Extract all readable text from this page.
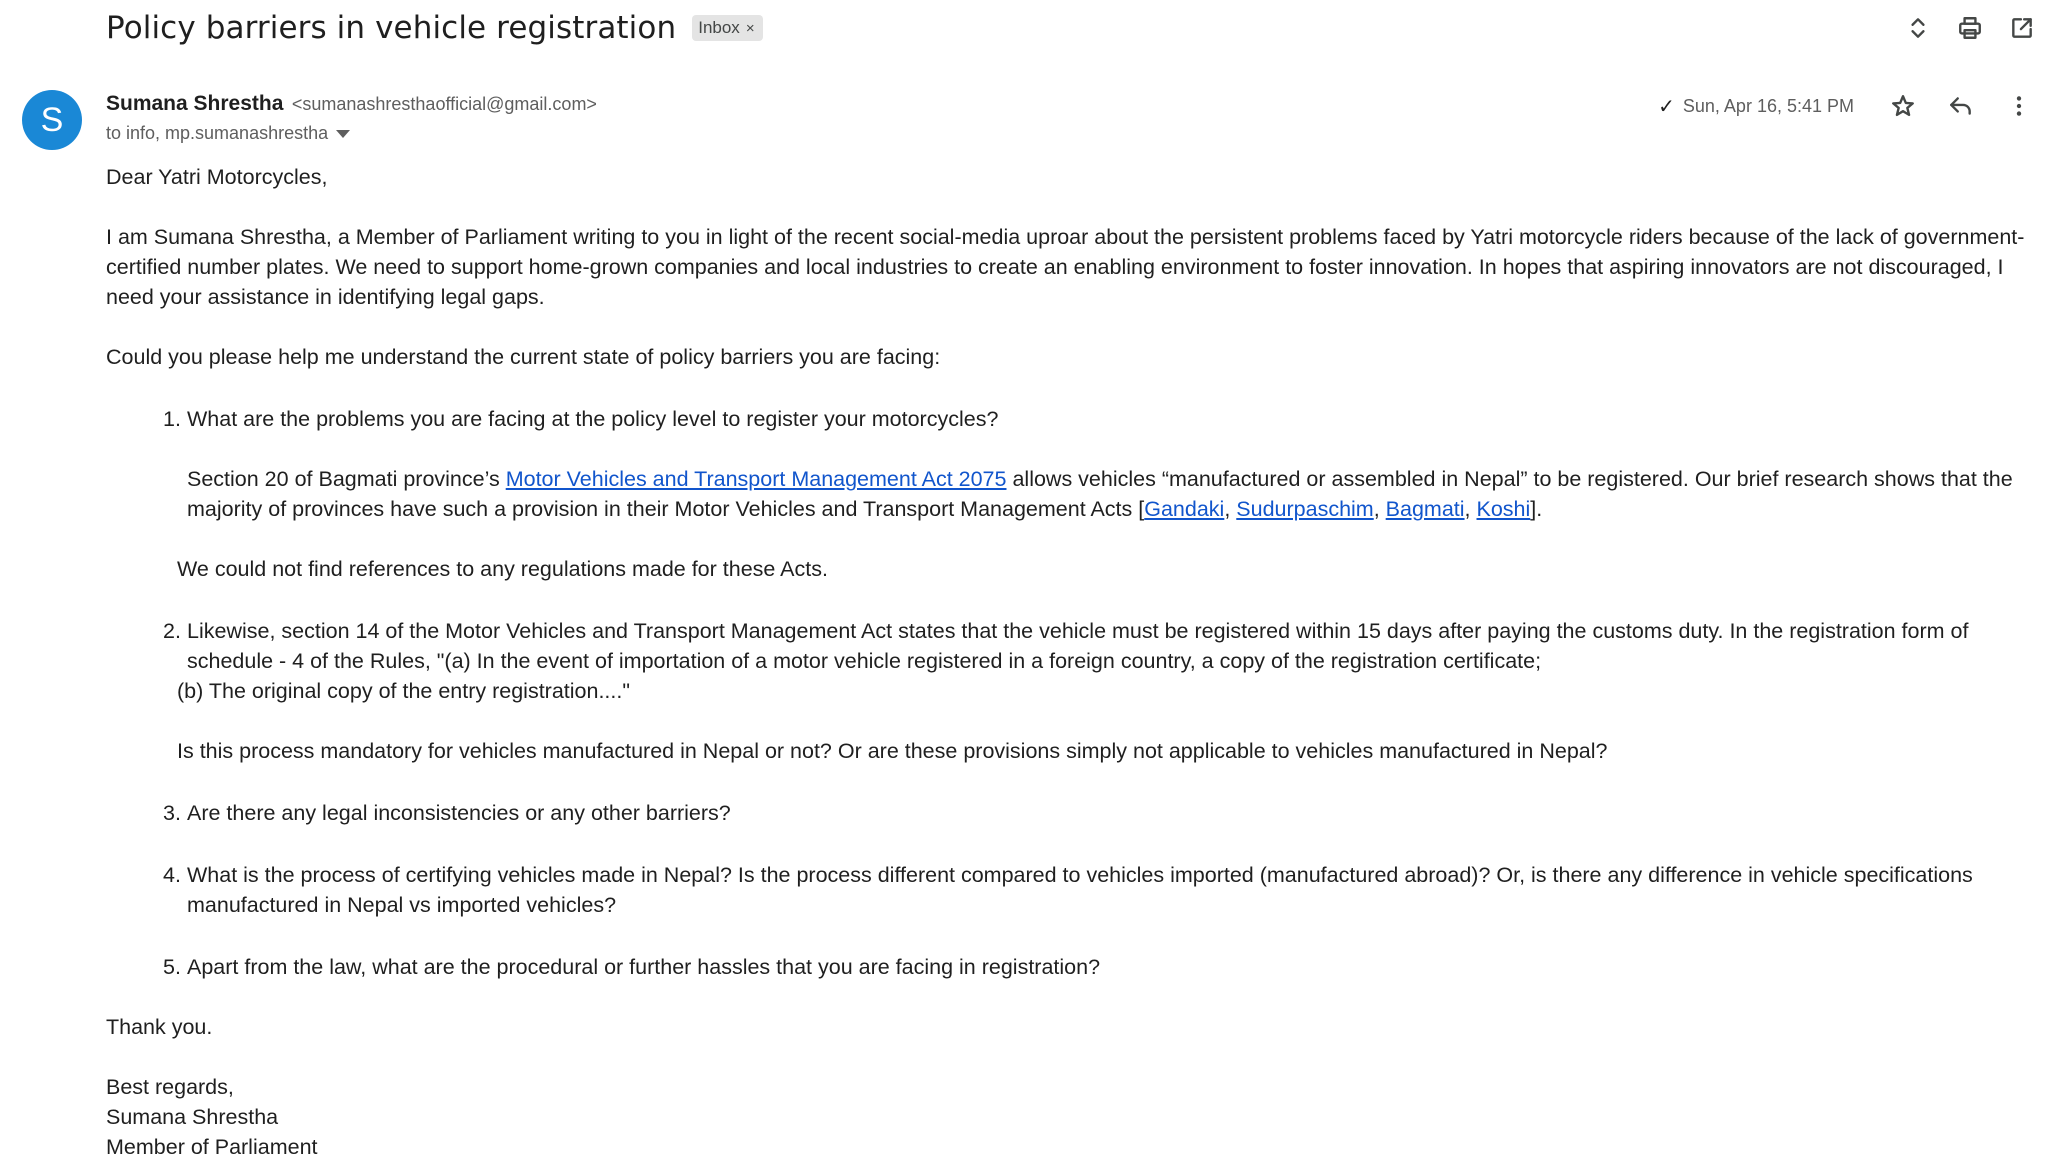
Policy barriers in vehicle registration Inbox ×
S	Sumana Shrestha <sumanashresthaofficial@gmail.com>
to info, mp.sumanashrestha
✓ Sun, Apr 16, 5:41 PM

Dear Yatri Motorcycles,

I am Sumana Shrestha, a Member of Parliament writing to you in light of the recent social-media uproar about the persistent problems faced by Yatri motorcycle riders because of the lack of government-certified number plates. We need to support home-grown companies and local industries to create an enabling environment to foster innovation. In hopes that aspiring innovators are not discouraged, I need your assistance in identifying legal gaps.

Could you please help me understand the current state of policy barriers you are facing:

1. What are the problems you are facing at the policy level to register your motorcycles?

Section 20 of Bagmati province’s Motor Vehicles and Transport Management Act 2075 allows vehicles “manufactured or assembled in Nepal” to be registered. Our brief research shows that the majority of provinces have such a provision in their Motor Vehicles and Transport Management Acts [Gandaki, Sudurpaschim, Bagmati, Koshi].

We could not find references to any regulations made for these Acts.

2. Likewise, section 14 of the Motor Vehicles and Transport Management Act states that the vehicle must be registered within 15 days after paying the customs duty. In the registration form of schedule - 4 of the Rules, "(a) In the event of importation of a motor vehicle registered in a foreign country, a copy of the registration certificate;

(b) The original copy of the entry registration...."

Is this process mandatory for vehicles manufactured in Nepal or not? Or are these provisions simply not applicable to vehicles manufactured in Nepal?

3. Are there any legal inconsistencies or any other barriers?

4. What is the process of certifying vehicles made in Nepal? Is the process different compared to vehicles imported (manufactured abroad)? Or, is there any difference in vehicle specifications manufactured in Nepal vs imported vehicles?

5. Apart from the law, what are the procedural or further hassles that you are facing in registration?

Thank you.

Best regards,

Sumana Shrestha

Member of Parliament
